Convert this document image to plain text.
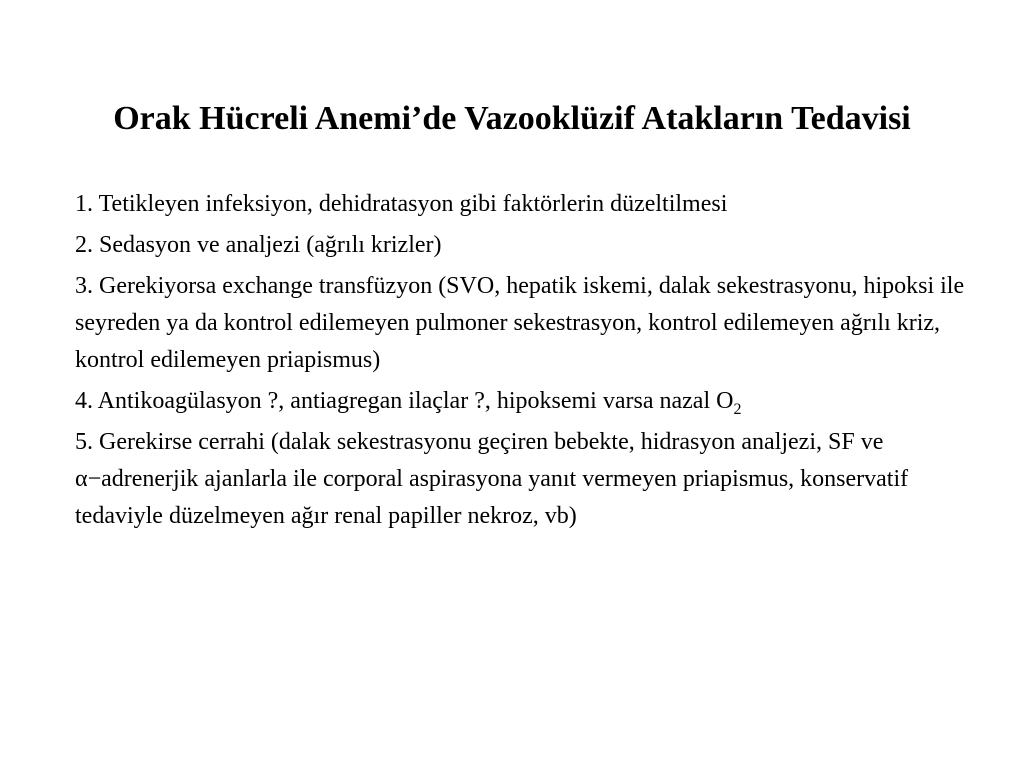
Orak Hücreli Anemi’de Vazooklüzif Atakların Tedavisi
1. Tetikleyen infeksiyon, dehidratasyon gibi faktörlerin düzeltilmesi
2. Sedasyon ve analjezi (ağrılı krizler)
3. Gerekiyorsa exchange transfüzyon (SVO, hepatik iskemi, dalak sekestrasyonu, hipoksi ile seyreden ya da kontrol edilemeyen pulmoner sekestrasyon, kontrol edilemeyen ağrılı kriz, kontrol edilemeyen priapismus)
4. Antikoagülasyon ?, antiagregan ilaçlar ?, hipoksemi varsa nazal $O_2$
5. Gerekirse cerrahi (dalak sekestrasyonu geçiren bebekte, hidrasyon analjezi, SF ve α−adrenerjik ajanlarla ile corporal aspirasyona yanıt vermeyen priapismus, konservatif tedaviyle düzelmeyen ağır renal papiller nekroz, vb)
